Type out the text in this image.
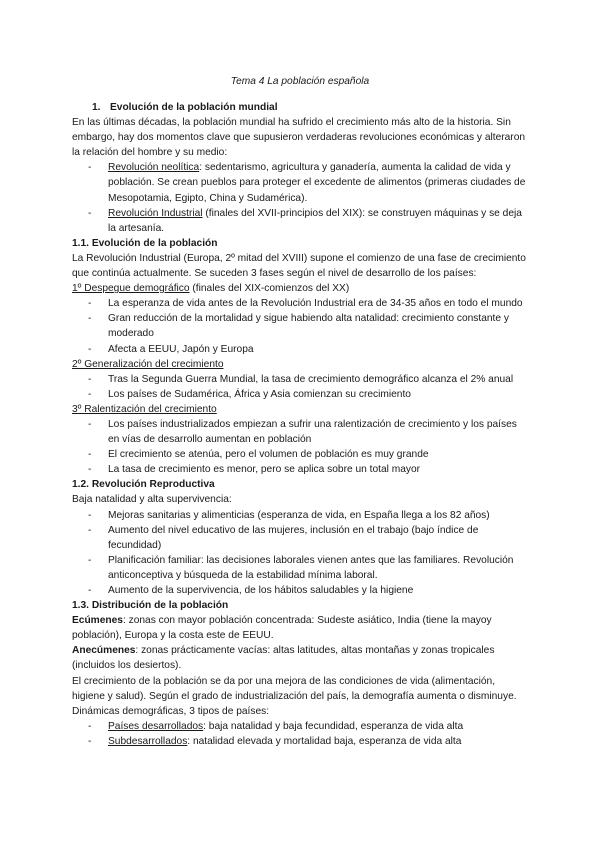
Tema 4 La población española

1. Evolución de la población mundial

En las últimas décadas, la población mundial ha sufrido el crecimiento más alto de la historia. Sin embargo, hay dos momentos clave que supusieron verdaderas revoluciones económicas y alteraron la relación del hombre y su medio:

- Revolución neolítica: sedentarismo, agricultura y ganadería, aumenta la calidad de vida y población. Se crean pueblos para proteger el excedente de alimentos (primeras ciudades de Mesopotamia, Egipto, China y Sudamérica).
- Revolución Industrial (finales del XVII-principios del XIX): se construyen máquinas y se deja la artesanía.

1.1. Evolución de la población

La Revolución Industrial (Europa, 2º mitad del XVIII) supone el comienzo de una fase de crecimiento que continúa actualmente. Se suceden 3 fases según el nivel de desarrollo de los países:

1º Despegue demográfico (finales del XIX-comienzos del XX)

- La esperanza de vida antes de la Revolución Industrial era de 34-35 años en todo el mundo
- Gran reducción de la mortalidad y sigue habiendo alta natalidad: crecimiento constante y moderado
- Afecta a EEUU, Japón y Europa

2º Generalización del crecimiento

- Tras la Segunda Guerra Mundial, la tasa de crecimiento demográfico alcanza el 2% anual
- Los países de Sudamérica, África y Asia comienzan su crecimiento

3º Ralentización del crecimiento

- Los países industrializados empiezan a sufrir una ralentización de crecimiento y los países en vías de desarrollo aumentan en población
- El crecimiento se atenúa, pero el volumen de población es muy grande
- La tasa de crecimiento es menor, pero se aplica sobre un total mayor

1.2. Revolución Reproductiva

Baja natalidad y alta supervivencia:

- Mejoras sanitarias y alimenticias (esperanza de vida, en España llega a los 82 años)
- Aumento del nivel educativo de las mujeres, inclusión en el trabajo (bajo índice de fecundidad)
- Planificación familiar: las decisiones laborales vienen antes que las familiares. Revolución anticonceptiva y búsqueda de la estabilidad mínima laboral.
- Aumento de la supervivencia, de los hábitos saludables y la higiene

1.3. Distribución de la población

Ecúmenes: zonas con mayor población concentrada: Sudeste asiático, India (tiene la mayoy población), Europa y la costa este de EEUU.

Anecúmenes: zonas prácticamente vacías: altas latitudes, altas montañas y zonas tropicales (incluidos los desiertos).

El crecimiento de la población se da por una mejora de las condiciones de vida (alimentación, higiene y salud). Según el grado de industrialización del país, la demografía aumenta o disminuye. Dinámicas demográficas, 3 tipos de países:

- Países desarrollados: baja natalidad y baja fecundidad, esperanza de vida alta
- Subdesarrollados: natalidad elevada y mortalidad baja, esperanza de vida alta
